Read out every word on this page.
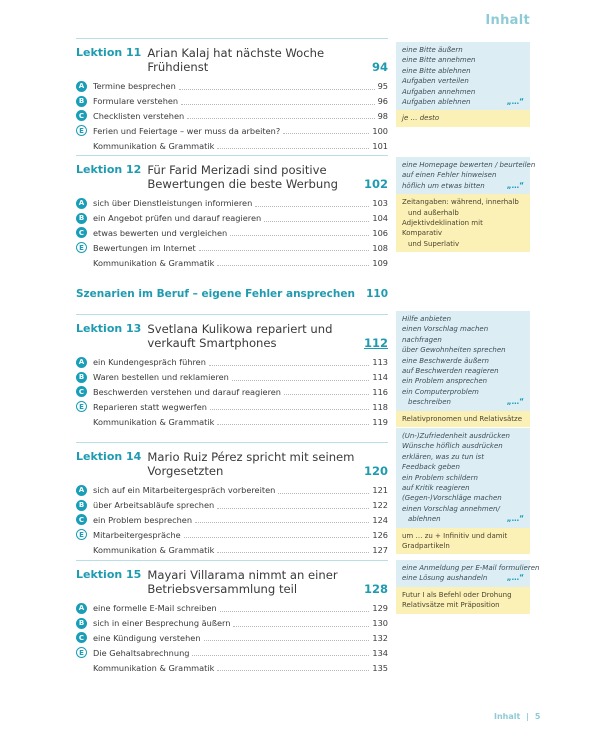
Inhalt
Lektion 11 Arian Kalaj hat nächste Woche Frühdienst	94
A	Termine besprechen	95
B	Formulare verstehen	96
C	Checklisten verstehen	98
E	Ferien und Feiertage – wer muss da arbeiten?	100
Kommunikation & Grammatik	101
Lektion 12 Für Farid Merizadi sind positive Bewertungen die beste Werbung	102
A	sich über Dienstleistungen informieren	103
B	ein Angebot prüfen und darauf reagieren	104
C	etwas bewerten und vergleichen	106
E	Bewertungen im Internet	108
Kommunikation & Grammatik	109
Szenarien im Beruf – eigene Fehler ansprechen	110
Lektion 13 Svetlana Kulikowa repariert und verkauft Smartphones	112
A	ein Kundengespräch führen	113
B	Waren bestellen und reklamieren	114
C	Beschwerden verstehen und darauf reagieren	116
E	Reparieren statt wegwerfen	118
Kommunikation & Grammatik	119
Lektion 14 Mario Ruiz Pérez spricht mit seinem Vorgesetzten	120
A	sich auf ein Mitarbeitergespräch vorbereiten	121
B	über Arbeitsabläufe sprechen	122
C	ein Problem besprechen	124
E	Mitarbeitergespräche	126
Kommunikation & Grammatik	127
Lektion 15 Mayari Villarama nimmt an einer Betriebsversammlung teil	128
A	eine formelle E-Mail schreiben	129
B	sich in einer Besprechung äußern	130
C	eine Kündigung verstehen	132
E	Die Gehaltsabrechnung	134
Kommunikation & Grammatik	135
eine Bitte äußern
eine Bitte annehmen
eine Bitte ablehnen
Aufgaben verteilen
Aufgaben annehmen
Aufgaben ablehnen	„…“
je … desto
eine Homepage bewerten / beurteilen
auf einen Fehler hinweisen
höflich um etwas bitten	„…“
Zeitangaben: während, innerhalb
und außerhalb
Adjektivdeklination mit Komparativ
und Superlativ
Hilfe anbieten
einen Vorschlag machen
nachfragen
über Gewohnheiten sprechen
eine Beschwerde äußern
auf Beschwerden reagieren
ein Problem ansprechen
ein Computerproblem
beschreiben	„…“
Relativpronomen und Relativsätze
(Un-)Zufriedenheit ausdrücken
Wünsche höflich ausdrücken
erklären, was zu tun ist
Feedback geben
ein Problem schildern
auf Kritik reagieren
(Gegen-)Vorschläge machen
einen Vorschlag annehmen/
ablehnen	„…“
um … zu + Infinitiv und damit
Gradpartikeln
eine Anmeldung per E-Mail formulieren
eine Lösung aushandeln	„…“
Futur I als Befehl oder Drohung
Relativsätze mit Präposition
Inhalt | 5
